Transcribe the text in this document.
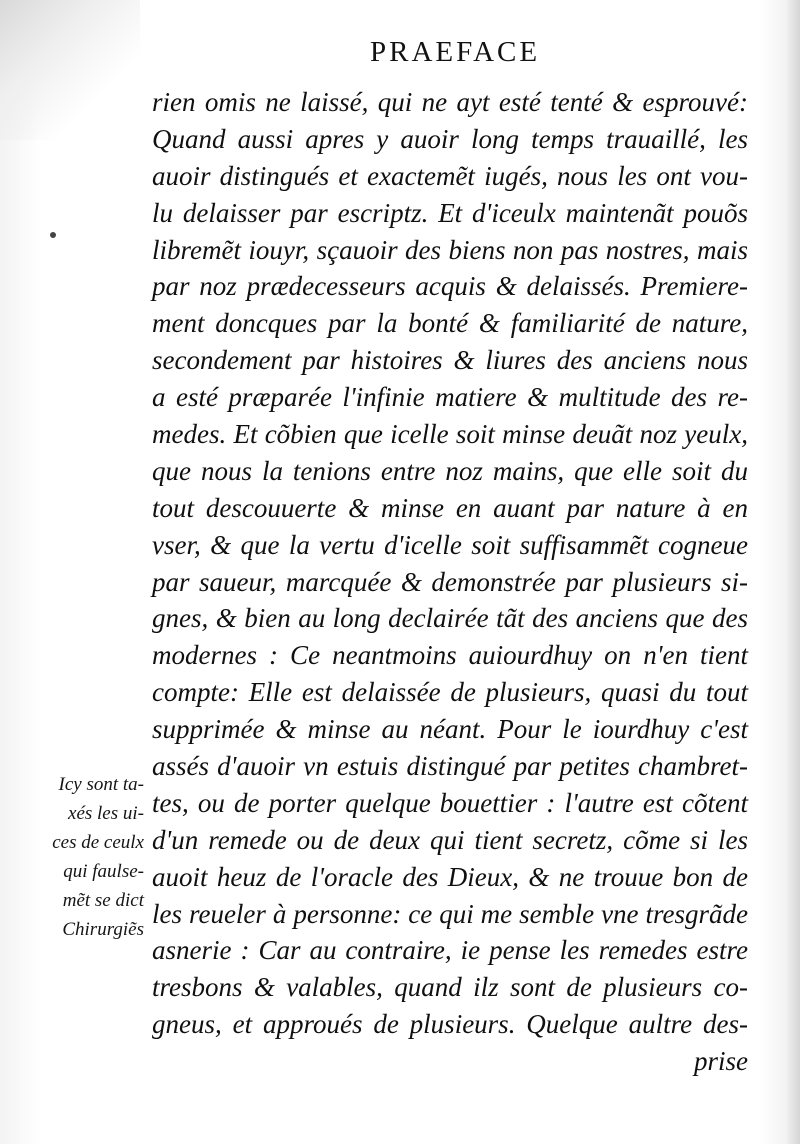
PRAEFACE
rien omis ne laissé, qui ne ayt esté tenté & esprouvé:
Quand aussi apres y auoir long temps trauaillé, les
auoir distingués et exactemẽt iugés, nous les ont vou-
lu delaisser par escriptz. Et d'iceulx maintenãt pouõs
libremẽt iouyr, sçauoir des biens non pas nostres, mais
par noz prædecesseurs acquis & delaissés. Premiere-
ment doncques par la bonté & familiarité de nature,
secondement par histoires & liures des anciens nous
a esté præparée l'infinie matiere & multitude des re-
medes. Et cõbien que icelle soit minse deuãt noz yeulx,
que nous la tenions entre noz mains, que elle soit du
tout descouuerte & minse en auant par nature à en
vser, & que la vertu d'icelle soit suffisammẽt cogneue
par saueur, marcquée & demonstrée par plusieurs si-
gnes, & bien au long declairée tãt des anciens que des
modernes : Ce neantmoins auiourdhuy on n'en tient
compte: Elle est delaissée de plusieurs, quasi du tout
supprimée & minse au néant. Pour le iourdhuy c'est
assés d'auoir vn estuis distingué par petites chambret-
tes, ou de porter quelque bouettier : l'autre est cõtent
d'un remede ou de deux qui tient secretz, cõme si les
auoit heuz de l'oracle des Dieux, & ne trouue bon de
les reueler à personne: ce qui me semble vne tresgrãde
asnerie : Car au contraire, ie pense les remedes estre
tresbons & valables, quand ilz sont de plusieurs co-
gneus, et approués de plusieurs. Quelque aultre des-
prise
Icy sont ta-
xés les ui-
ces de ceulx
qui faulse-
mẽt se dict
Chirurgiẽs
